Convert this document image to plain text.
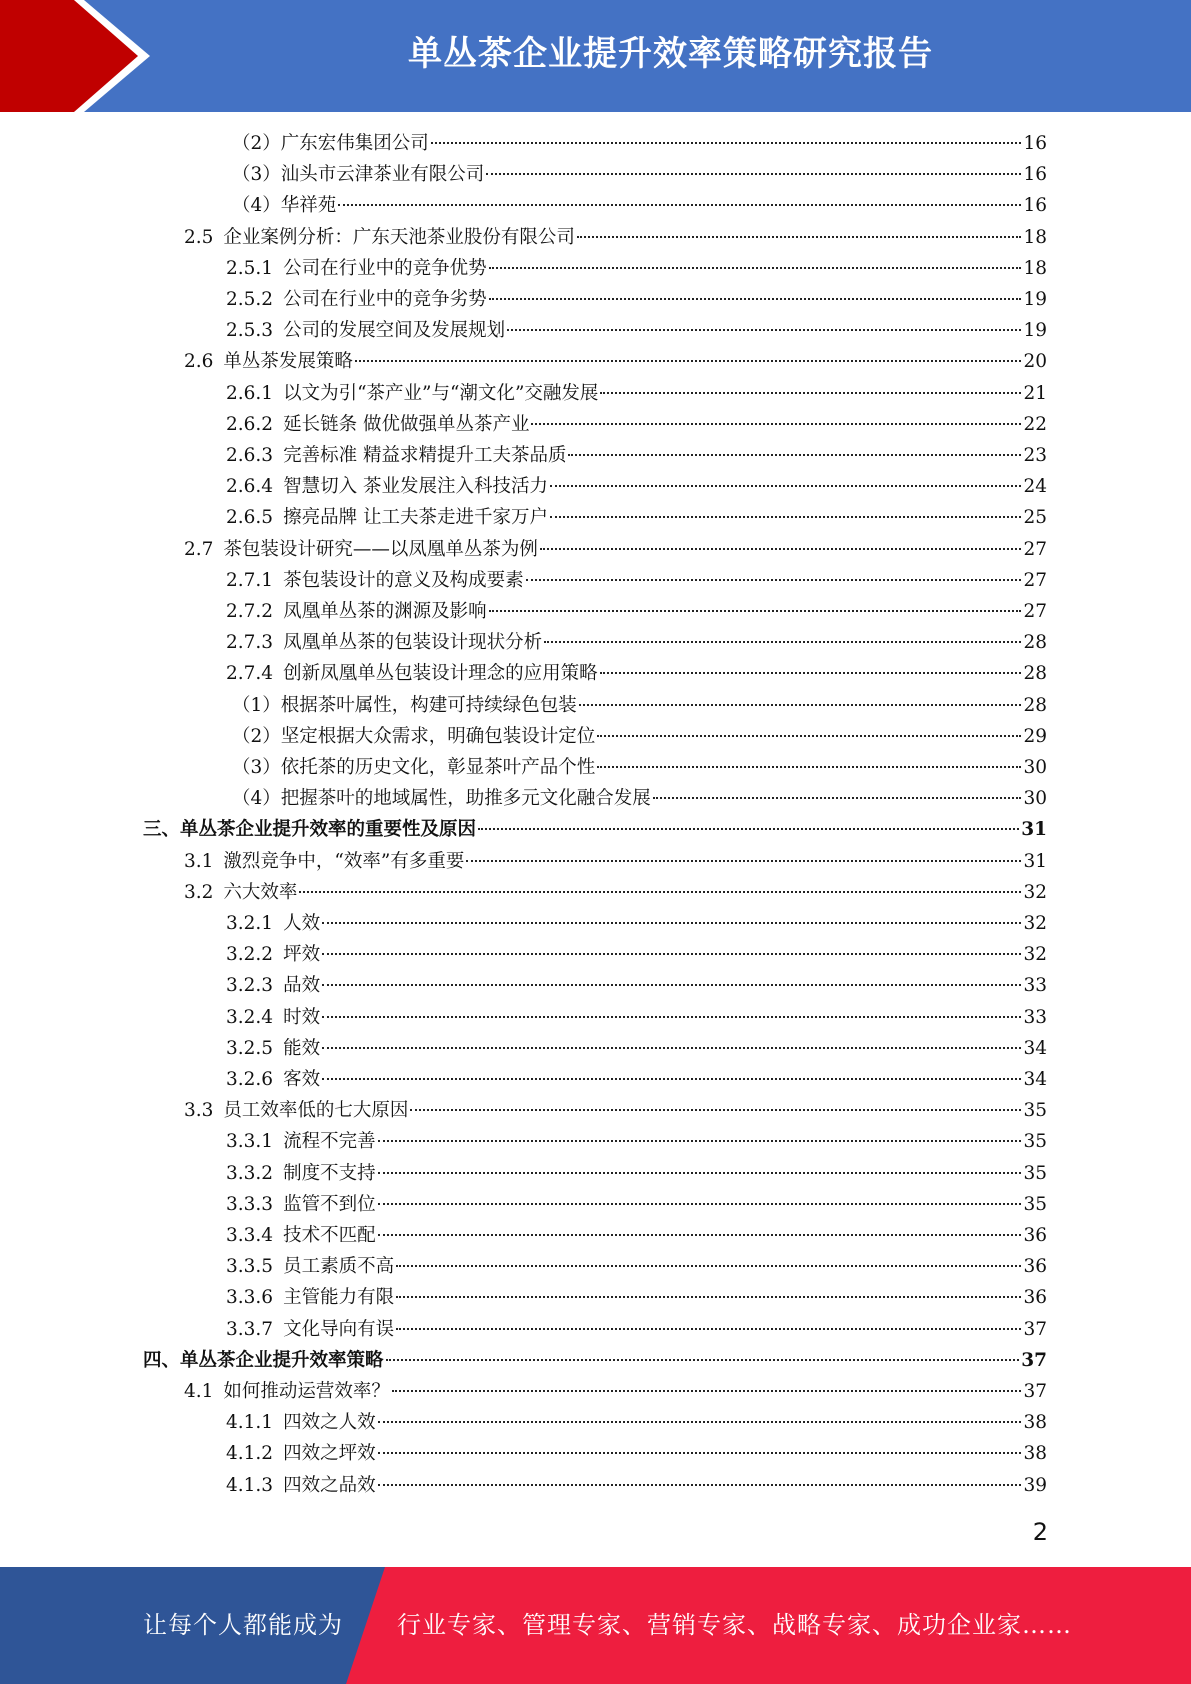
单丛茶企业提升效率策略研究报告
（2）广东宏伟集团公司	16
（3）汕头市云津茶业有限公司	16
（4）华祥苑	16
2.5 企业案例分析：广东天池茶业股份有限公司	18
2.5.1 公司在行业中的竞争优势	18
2.5.2 公司在行业中的竞争劣势	19
2.5.3 公司的发展空间及发展规划	19
2.6 单丛茶发展策略	20
2.6.1 以文为引“茶产业”与“潮文化”交融发展	21
2.6.2 延长链条 做优做强单丛茶产业	22
2.6.3 完善标准 精益求精提升工夫茶品质	23
2.6.4 智慧切入 茶业发展注入科技活力	24
2.6.5 擦亮品牌 让工夫茶走进千家万户	25
2.7 茶包装设计研究——以凤凰单丛茶为例	27
2.7.1 茶包装设计的意义及构成要素	27
2.7.2 凤凰单丛茶的渊源及影响	27
2.7.3 凤凰单丛茶的包装设计现状分析	28
2.7.4 创新凤凰单丛包装设计理念的应用策略	28
（1）根据茶叶属性，构建可持续绿色包装	28
（2）坚定根据大众需求，明确包装设计定位	29
（3）依托茶的历史文化，彰显茶叶产品个性	30
（4）把握茶叶的地域属性，助推多元文化融合发展	30
三、单丛茶企业提升效率的重要性及原因	31
3.1 激烈竞争中，“效率”有多重要	31
3.2 六大效率	32
3.2.1 人效	32
3.2.2 坪效	32
3.2.3 品效	33
3.2.4 时效	33
3.2.5 能效	34
3.2.6 客效	34
3.3 员工效率低的七大原因	35
3.3.1 流程不完善	35
3.3.2 制度不支持	35
3.3.3 监管不到位	35
3.3.4 技术不匹配	36
3.3.5 员工素质不高	36
3.3.6 主管能力有限	36
3.3.7 文化导向有误	37
四、单丛茶企业提升效率策略	37
4.1 如何推动运营效率？	37
4.1.1 四效之人效	38
4.1.2 四效之坪效	38
4.1.3 四效之品效	39
2
让每个人都能成为 行业专家、管理专家、营销专家、战略专家、成功企业家……
